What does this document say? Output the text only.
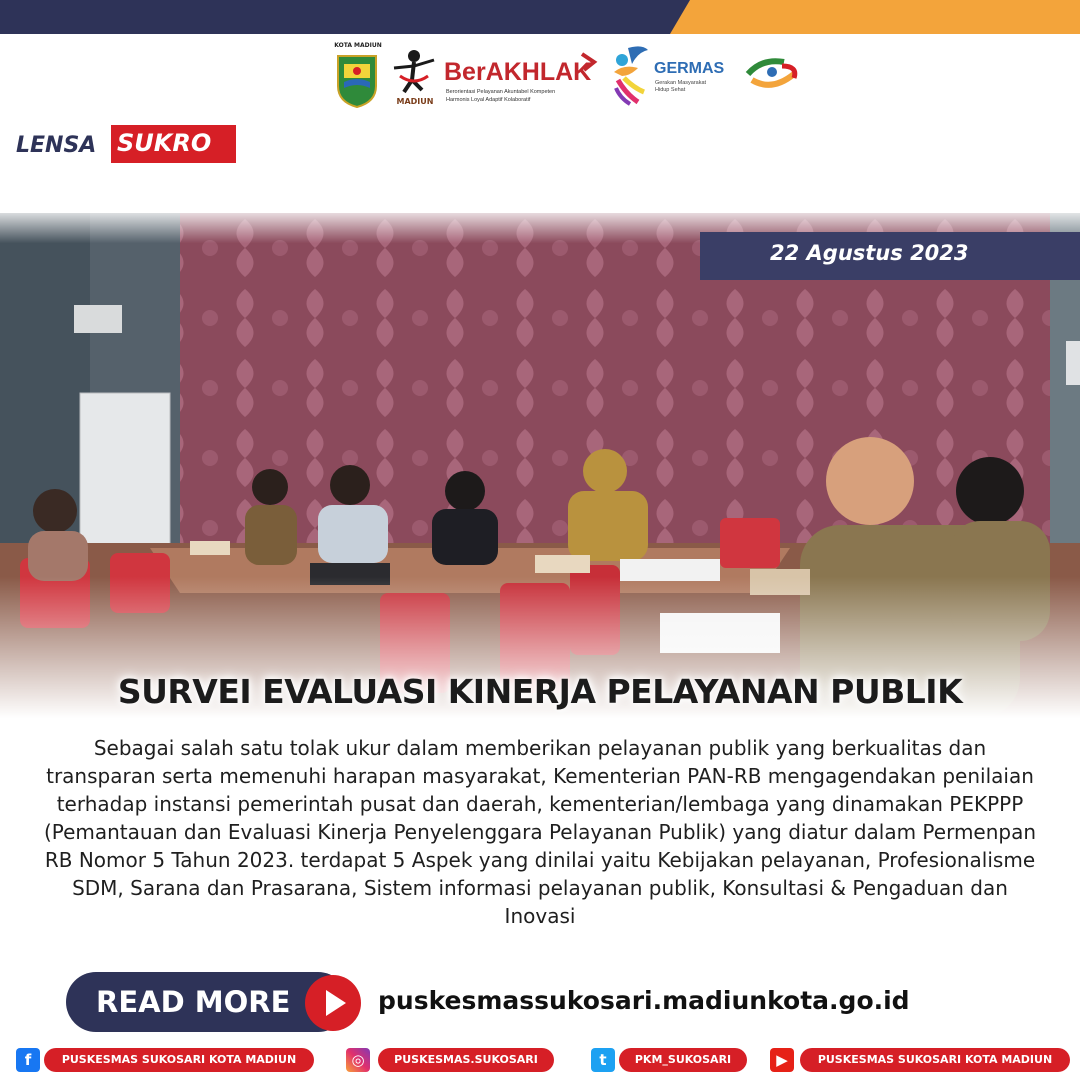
KOTA MADIUN
MADIUN
BerAKHLAK
Berorientasi Pelayanan Akuntabel Kompeten
Harmonis Loyal Adaptif Kolaboratif
GERMAS
Gerakan Masyarakat
Hidup Sehat
LENSA SUKRO
22 Agustus 2023
SURVEI EVALUASI KINERJA PELAYANAN PUBLIK
Sebagai salah satu tolak ukur dalam memberikan pelayanan publik yang berkualitas dan transparan serta memenuhi harapan masyarakat, Kementerian PAN-RB mengagendakan penilaian terhadap instansi pemerintah pusat dan daerah, kementerian/lembaga yang dinamakan PEKPPP (Pemantauan dan Evaluasi Kinerja Penyelenggara Pelayanan Publik) yang diatur dalam Permenpan RB Nomor 5 Tahun 2023. terdapat 5 Aspek yang dinilai yaitu Kebijakan pelayanan, Profesionalisme SDM, Sarana dan Prasarana, Sistem informasi pelayanan publik, Konsultasi & Pengaduan dan Inovasi
READ MORE	puskesmassukosari.madiunkota.go.id
f	PUSKESMAS SUKOSARI KOTA MADIUN	◎	PUSKESMAS.SUKOSARI	t	PKM_SUKOSARI	▶	PUSKESMAS SUKOSARI KOTA MADIUN
